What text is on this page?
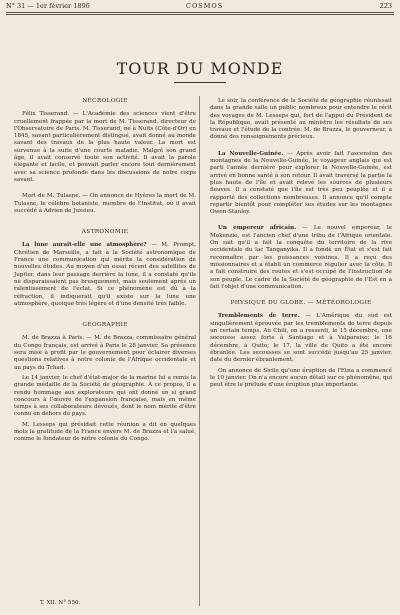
N° 31 — 1er février 1896	COSMOS	223
TOUR DU MONDE
NÉCROLOGIE

Félix Tisserand. — L'Académie des sciences vient d'être cruellement frappée par la mort de M. Tisserand, directeur de l'Observatoire de Paris. M. Tisserand, né à Nuits (Côte-d'Or) en 1845, savant particulièrement distingué, avait donné au monde savant des travaux de la plus haute valeur. La mort est survenue à la suite d'une courte maladie. Malgré son grand âge, il avait conservé toute son activité. Il avait la parole élégante et facile, et pouvait parler encore tout dernièrement avec sa science profonde dans les discussions de notre corps savant.

Mort de M. Tulasne. — On annonce de Hyères la mort de M. Tulasne, le célèbre botaniste, membre de l'Institut, où il avait succédé à Adrien de Jussieu.

ASTRONOMIE

La lune aurait-elle une atmosphère? — M. Prompt, Chrétien de Marseille, a fait à la Société astronomique de France une communication qui mérite la considération de nouvelles études. Au moyen d'un essai récent des satellites de Jupiter, dans leur passage derrière la lune, il a constaté qu'ils ne disparaissaient pas brusquement, mais seulement après un ralentissement de l'éclat. Si ce phénomène est dû à la réfraction, il indiquerait qu'il existe sur la lune une atmosphère, quoique très légère et d'une densité très faible.

GÉOGRAPHIE

M. de Brazza à Paris. — M. de Brazza, commissaire général du Congo français, est arrivé à Paris le 28 janvier. Sa présence sera mise à profit par le gouvernement pour éclairer diverses questions relatives à notre colonie de l'Afrique occidentale et au pays du Tchad.

Le 14 janvier, le chef d'état-major de la marine lui a remis la grande médaille de la Société de géographie. À ce propos, il a rendu hommage aux explorateurs qui ont donné un si grand concours à l'œuvre de l'expansion française, mais en même temps à ses collaborateurs dévoués, dont le nom mérite d'être connu en dehors du pays.

M. Lesseps qui présidait cette réunion a dit en quelques mots la gratitude de la France envers M. de Brazza et l'a salué, comme le fondateur de notre colonie du Congo.

Le soir, la conférence de la Société de géographie réunissait dans la grande salle un public nombreux pour entendre le récit des voyages de M. Lesseps qui, fort de l'appui du Président de la République, avait présenté au ministre les résultats de ses travaux et l'étude de la contrée. M. de Brazza, le gouverneur, a donné des renseignements précieux.

La Nouvelle-Guinée. — Après avoir fait l'ascension des montagnes de la Nouvelle-Guinée, le voyageur anglais qui est parti l'année dernière pour explorer la Nouvelle-Guinée, est arrivé en bonne santé à son retour. Il avait traversé la partie la plus haute de l'île et avait relevé les sources de plusieurs fleuves. Il a constaté que l'île est très peu peuplée et il a rapporté des collections nombreuses. Il annonce qu'il compte repartir bientôt pour compléter ses études sur les montagnes Owen-Stanley.

Un empereur africain. — Le nouvel empereur, le Mokenzie, est l'ancien chef d'une tribu de l'Afrique orientale. On sait qu'il a fait la conquête du territoire de la rive occidentale du lac Tanganyika. Il a fondé un État et s'est fait reconnaître par les puissances voisines. Il a reçu des missionnaires et a établi un commerce régulier avec la côte. Il a fait construire des routes et s'est occupé de l'instruction de son peuple. Le cadre de la Société de géographie de l'Est en a fait l'objet d'une communication.

PHYSIQUE DU GLOBE. — MÉTÉOROLOGIE

Tremblements de terre. — L'Amérique du sud est singulièrement éprouvée par les tremblements de terre depuis un certain temps. Au Chili, on a ressenti, le 15 décembre, une secousse assez forte à Santiago et à Valparaiso; le 16 décembre, à Quito; le 17, la ville de Quito a été encore ébranlée. Les secousses se sont succédé jusqu'au 25 janvier, date du dernier ébranlement.

On annonce de Sicile qu'une éruption de l'Etna a commencé le 10 janvier. On n'a encore aucun détail sur ce phénomène, qui peut être le prélude d'une éruption plus importante.

T. XII. N° 550.
